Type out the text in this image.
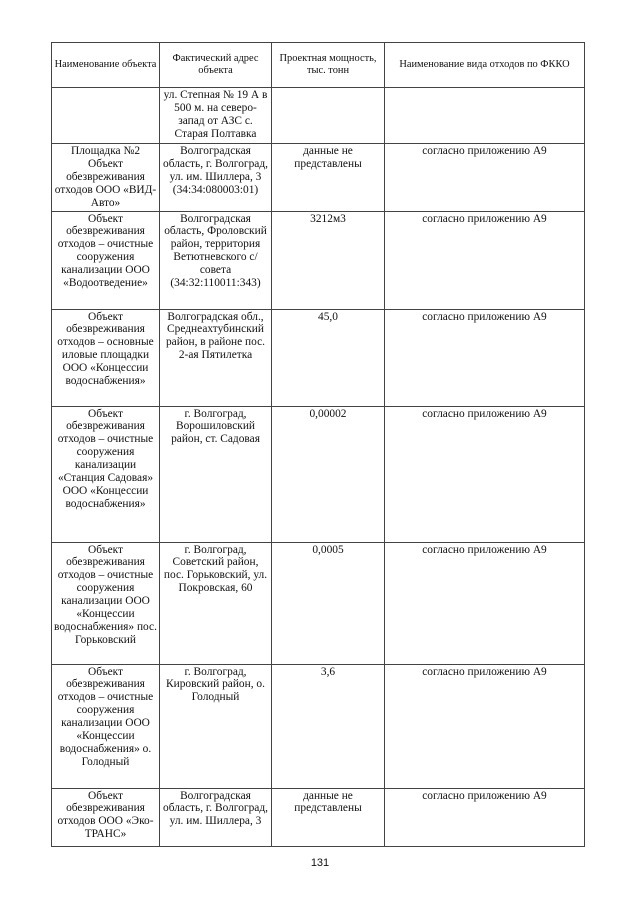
Наименование объекта	Фактический адрес объекта	Проектная мощность, тыс. тонн	Наименование вида отходов по ФККО
	ул. Степная № 19 А в 500 м. на северо-запад от АЗС с. Старая Полтавка		
Площадка №2 Объект обезвреживания отходов ООО «ВИД-Авто»	Волгоградская область, г. Волгоград, ул. им. Шиллера, 3 (34:34:080003:01)	данные не представлены	согласно приложению А9
Объект обезвреживания отходов – очистные сооружения канализации ООО «Водоотведение»	Волгоградская область, Фроловский район, территория Ветютневского с/совета (34:32:110011:343)	3212м3	согласно приложению А9
Объект обезвреживания отходов – основные иловые площадки ООО «Концессии водоснабжения»	Волгоградская обл., Среднеахтубинский район, в районе пос. 2-ая Пятилетка	45,0	согласно приложению А9
Объект обезвреживания отходов – очистные сооружения канализации «Станция Садовая» ООО «Концессии водоснабжения»	г. Волгоград, Ворошиловский район, ст. Садовая	0,00002	согласно приложению А9
Объект обезвреживания отходов – очистные сооружения канализации ООО «Концессии водоснабжения» пос. Горьковский	г. Волгоград, Советский район, пос. Горьковский, ул. Покровская, 60	0,0005	согласно приложению А9
Объект обезвреживания отходов – очистные сооружения канализации ООО «Концессии водоснабжения» о. Голодный	г. Волгоград, Кировский район, о. Голодный	3,6	согласно приложению А9
Объект обезвреживания отходов ООО «Эко-ТРАНС»	Волгоградская область, г. Волгоград, ул. им. Шиллера, 3	данные не представлены	согласно приложению А9
131
